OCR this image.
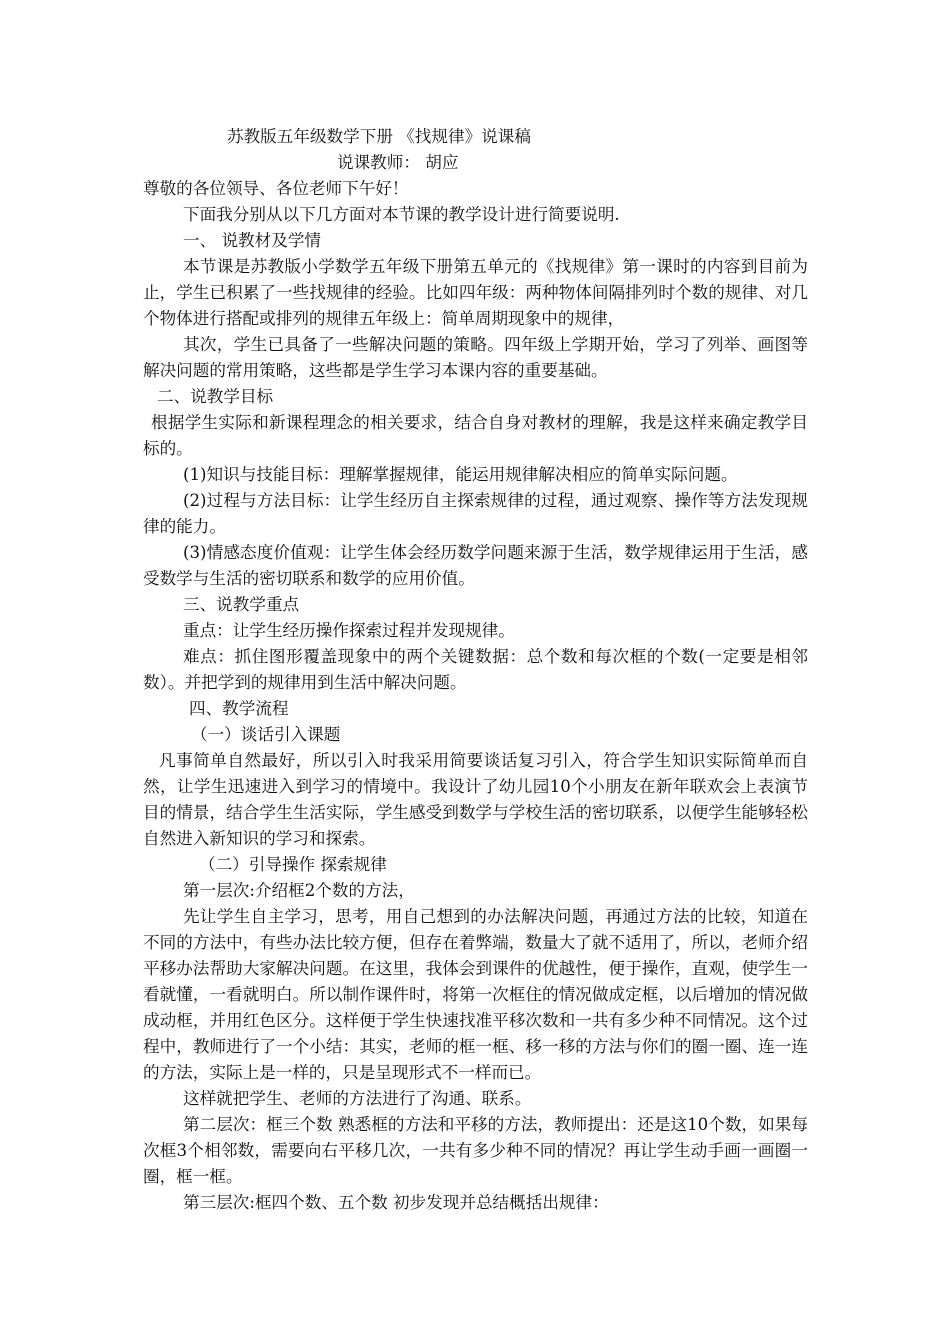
苏教版五年级数学下册 《找规律》说课稿
说课教师： 胡应
尊敬的各位领导、各位老师下午好！
下面我分别从以下几方面对本节课的教学设计进行简要说明.
一、 说教材及学情
本节课是苏教版小学数学五年级下册第五单元的《找规律》第一课时的内容到目前为止，学生已积累了一些找规律的经验。比如四年级：两种物体间隔排列时个数的规律、对几个物体进行搭配或排列的规律五年级上：简单周期现象中的规律，
其次，学生已具备了一些解决问题的策略。四年级上学期开始，学习了列举、画图等解决问题的常用策略，这些都是学生学习本课内容的重要基础。
二、说教学目标
根据学生实际和新课程理念的相关要求，结合自身对教材的理解，我是这样来确定教学目标的。
(1)知识与技能目标：理解掌握规律，能运用规律解决相应的简单实际问题。
(2)过程与方法目标：让学生经历自主探索规律的过程，通过观察、操作等方法发现规律的能力。
(3)情感态度价值观：让学生体会经历数学问题来源于生活，数学规律运用于生活，感受数学与生活的密切联系和数学的应用价值。
三、说教学重点
重点：让学生经历操作探索过程并发现规律。
难点：抓住图形覆盖现象中的两个关键数据：总个数和每次框的个数(一定要是相邻数）。并把学到的规律用到生活中解决问题。
四、教学流程
（一）谈话引入课题
凡事简单自然最好，所以引入时我采用简要谈话复习引入，符合学生知识实际简单而自然，让学生迅速进入到学习的情境中。我设计了幼儿园10个小朋友在新年联欢会上表演节目的情景，结合学生生活实际，学生感受到数学与学校生活的密切联系，以便学生能够轻松自然进入新知识的学习和探索。
（二）引导操作 探索规律
第一层次:介绍框2个数的方法，
先让学生自主学习，思考，用自己想到的办法解决问题，再通过方法的比较，知道在不同的方法中，有些办法比较方便，但存在着弊端，数量大了就不适用了，所以，老师介绍平移办法帮助大家解决问题。在这里，我体会到课件的优越性，便于操作，直观，使学生一看就懂，一看就明白。所以制作课件时，将第一次框住的情况做成定框，以后增加的情况做成动框，并用红色区分。这样便于学生快速找准平移次数和一共有多少种不同情况。这个过程中，教师进行了一个小结：其实，老师的框一框、移一移的方法与你们的圈一圈、连一连的方法，实际上是一样的，只是呈现形式不一样而已。
这样就把学生、老师的方法进行了沟通、联系。
第二层次：框三个数 熟悉框的方法和平移的方法，教师提出：还是这10个数，如果每次框3个相邻数，需要向右平移几次，一共有多少种不同的情况？再让学生动手画一画圈一圈，框一框。
第三层次:框四个数、五个数 初步发现并总结概括出规律：
